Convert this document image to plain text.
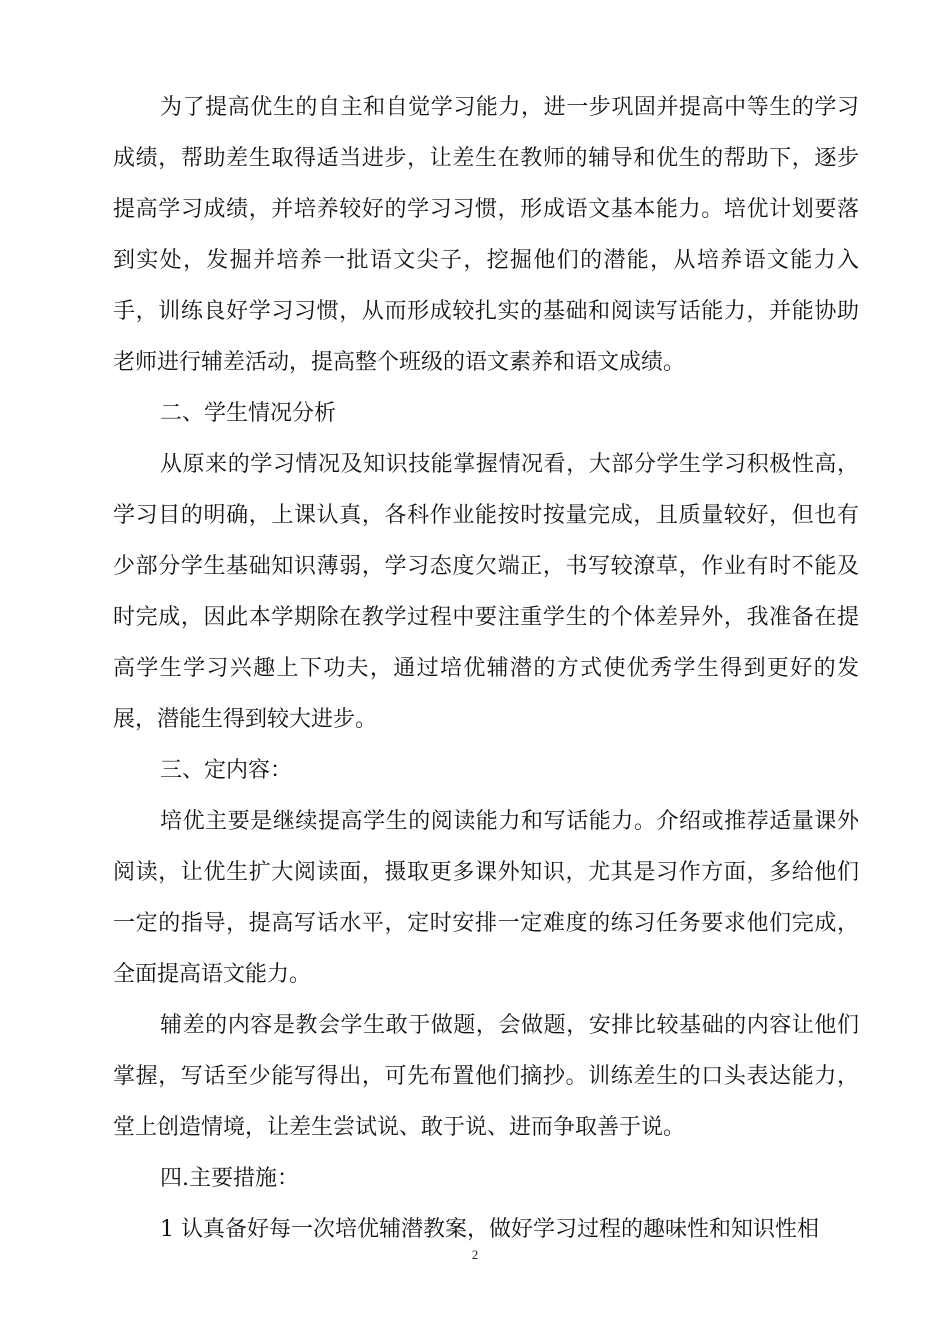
为了提高优生的自主和自觉学习能力，进一步巩固并提高中等生的学习成绩，帮助差生取得适当进步，让差生在教师的辅导和优生的帮助下，逐步提高学习成绩，并培养较好的学习习惯，形成语文基本能力。培优计划要落到实处，发掘并培养一批语文尖子，挖掘他们的潜能，从培养语文能力入手，训练良好学习习惯，从而形成较扎实的基础和阅读写话能力，并能协助老师进行辅差活动，提高整个班级的语文素养和语文成绩。

二、学生情况分析

从原来的学习情况及知识技能掌握情况看，大部分学生学习积极性高，学习目的明确，上课认真，各科作业能按时按量完成，且质量较好，但也有少部分学生基础知识薄弱，学习态度欠端正，书写较潦草，作业有时不能及时完成，因此本学期除在教学过程中要注重学生的个体差异外，我准备在提高学生学习兴趣上下功夫，通过培优辅潜的方式使优秀学生得到更好的发展，潜能生得到较大进步。

三、定内容：

培优主要是继续提高学生的阅读能力和写话能力。介绍或推荐适量课外阅读，让优生扩大阅读面，摄取更多课外知识，尤其是习作方面，多给他们一定的指导，提高写话水平，定时安排一定难度的练习任务要求他们完成，全面提高语文能力。

辅差的内容是教会学生敢于做题，会做题，安排比较基础的内容让他们掌握，写话至少能写得出，可先布置他们摘抄。训练差生的口头表达能力，堂上创造情境，让差生尝试说、敢于说、进而争取善于说。

四.主要措施：

1 认真备好每一次培优辅潜教案，做好学习过程的趣味性和知识性相

2
